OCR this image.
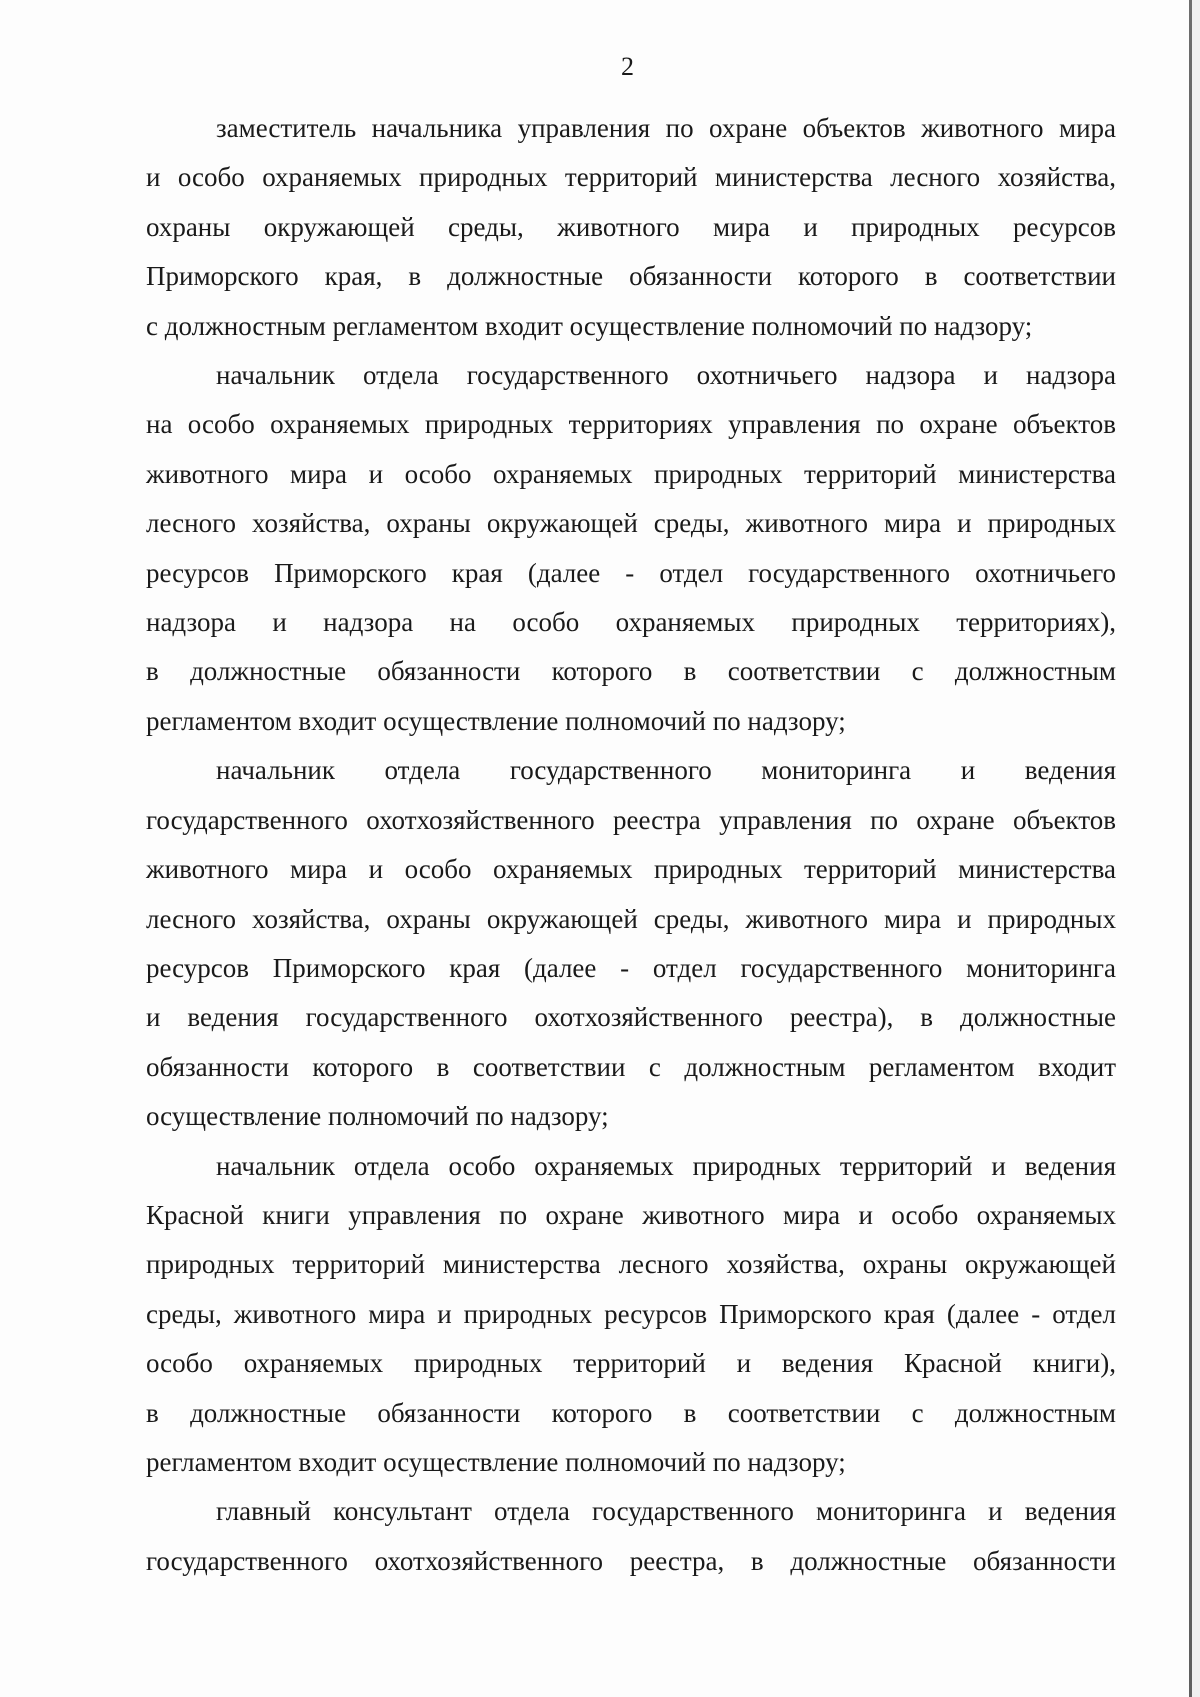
2
заместитель начальника управления по охране объектов животного мира
и особо охраняемых природных территорий министерства лесного хозяйства,
охраны окружающей среды, животного мира и природных ресурсов
Приморского края, в должностные обязанности которого в соответствии
с должностным регламентом входит осуществление полномочий по надзору;
начальник отдела государственного охотничьего надзора и надзора
на особо охраняемых природных территориях управления по охране объектов
животного мира и особо охраняемых природных территорий министерства
лесного хозяйства, охраны окружающей среды, животного мира и природных
ресурсов Приморского края (далее - отдел государственного охотничьего
надзора и надзора на особо охраняемых природных территориях),
в должностные обязанности которого в соответствии с должностным
регламентом входит осуществление полномочий по надзору;
начальник отдела государственного мониторинга и ведения
государственного охотхозяйственного реестра управления по охране объектов
животного мира и особо охраняемых природных территорий министерства
лесного хозяйства, охраны окружающей среды, животного мира и природных
ресурсов Приморского края (далее - отдел государственного мониторинга
и ведения государственного охотхозяйственного реестра), в должностные
обязанности которого в соответствии с должностным регламентом входит
осуществление полномочий по надзору;
начальник отдела особо охраняемых природных территорий и ведения
Красной книги управления по охране животного мира и особо охраняемых
природных территорий министерства лесного хозяйства, охраны окружающей
среды, животного мира и природных ресурсов Приморского края (далее - отдел
особо охраняемых природных территорий и ведения Красной книги),
в должностные обязанности которого в соответствии с должностным
регламентом входит осуществление полномочий по надзору;
главный консультант отдела государственного мониторинга и ведения
государственного охотхозяйственного реестра, в должностные обязанности
